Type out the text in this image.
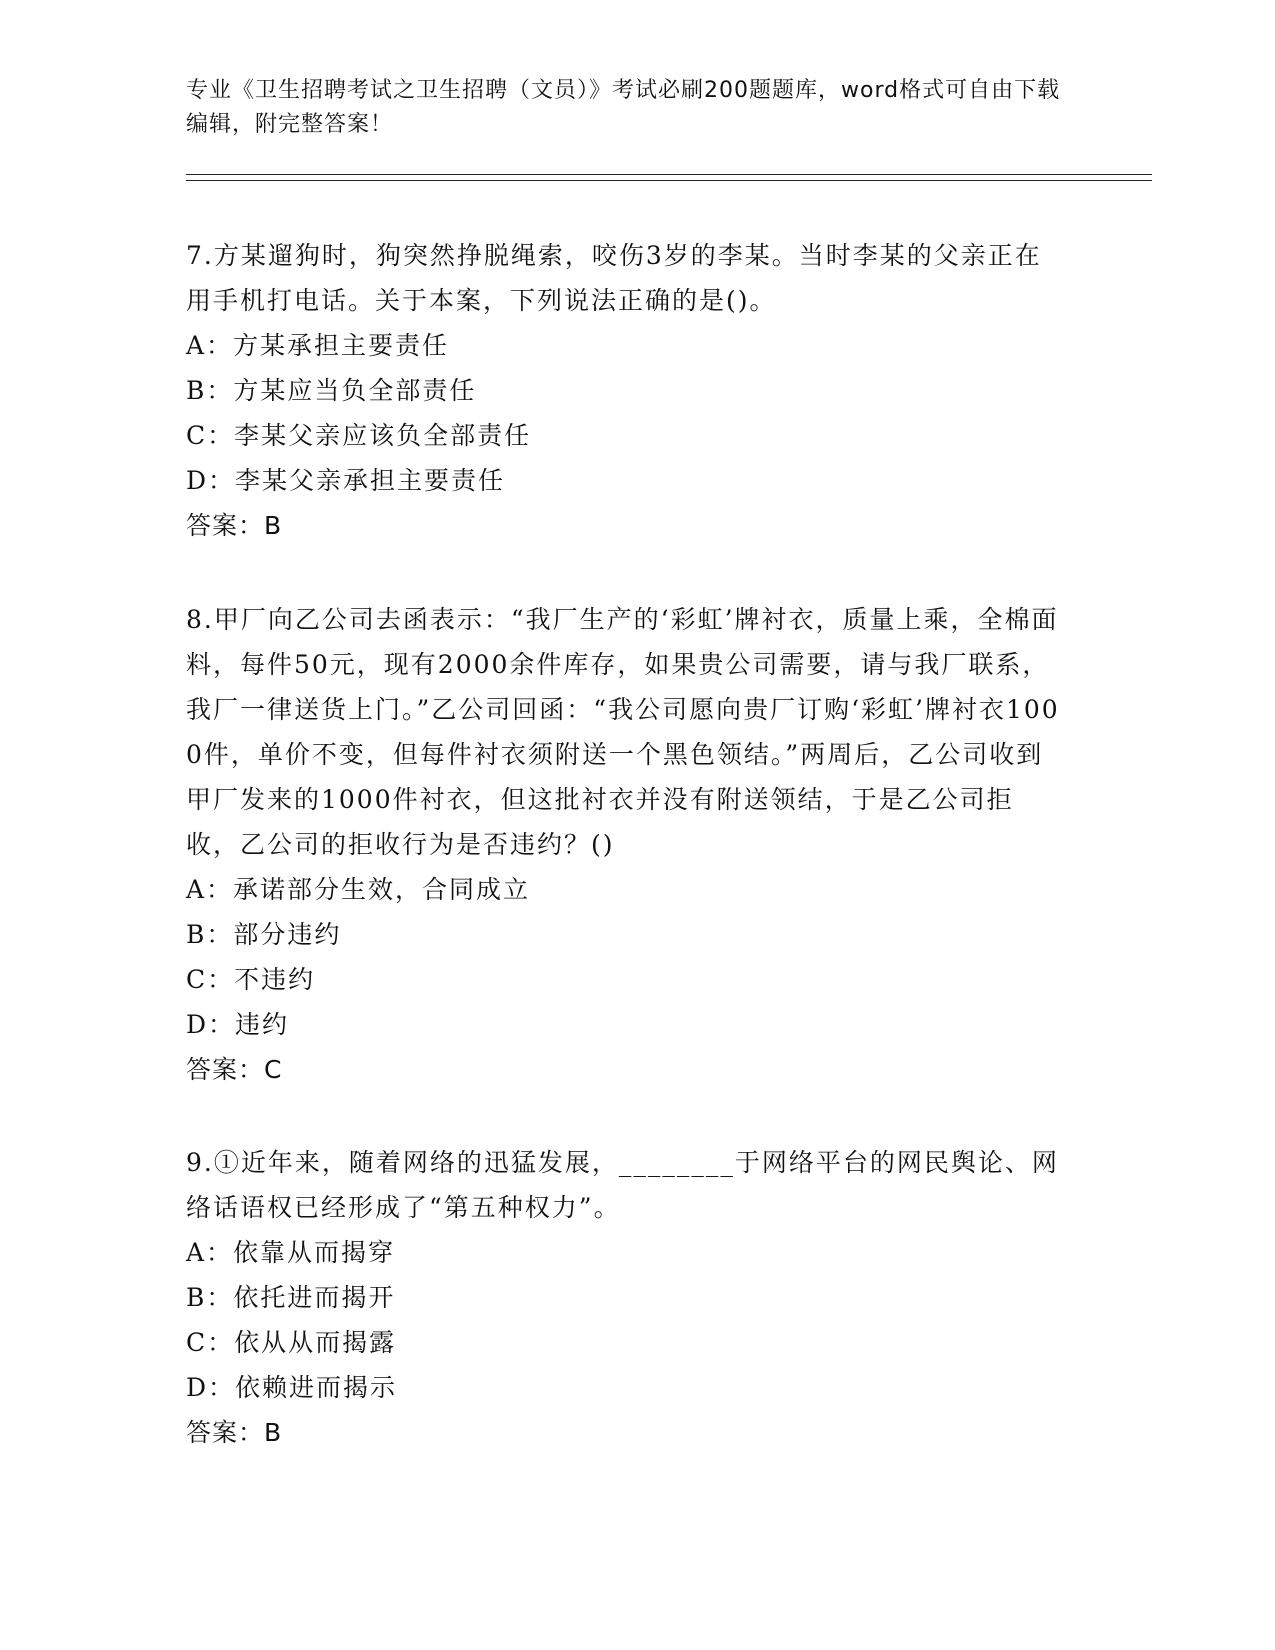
专业《卫生招聘考试之卫生招聘（文员）》考试必刷200题题库，word格式可自由下载编辑，附完整答案！
7.方某遛狗时，狗突然挣脱绳索，咬伤3岁的李某。当时李某的父亲正在用手机打电话。关于本案，下列说法正确的是()。
A：方某承担主要责任
B：方某应当负全部责任
C：李某父亲应该负全部责任
D：李某父亲承担主要责任
答案：B
8.甲厂向乙公司去函表示：“我厂生产的‘彩虹’牌衬衣，质量上乘，全棉面料，每件50元，现有2000余件库存，如果贵公司需要，请与我厂联系，我厂一律送货上门。”乙公司回函：“我公司愿向贵厂订购‘彩虹’牌衬衣1000件，单价不变，但每件衬衣须附送一个黑色领结。”两周后，乙公司收到甲厂发来的1000件衬衣，但这批衬衣并没有附送领结，于是乙公司拒收，乙公司的拒收行为是否违约？()
A：承诺部分生效，合同成立
B：部分违约
C：不违约
D：违约
答案：C
9.①近年来，随着网络的迅猛发展，________于网络平台的网民舆论、网络话语权已经形成了“第五种权力”。
A：依靠从而揭穿
B：依托进而揭开
C：依从从而揭露
D：依赖进而揭示
答案：B
